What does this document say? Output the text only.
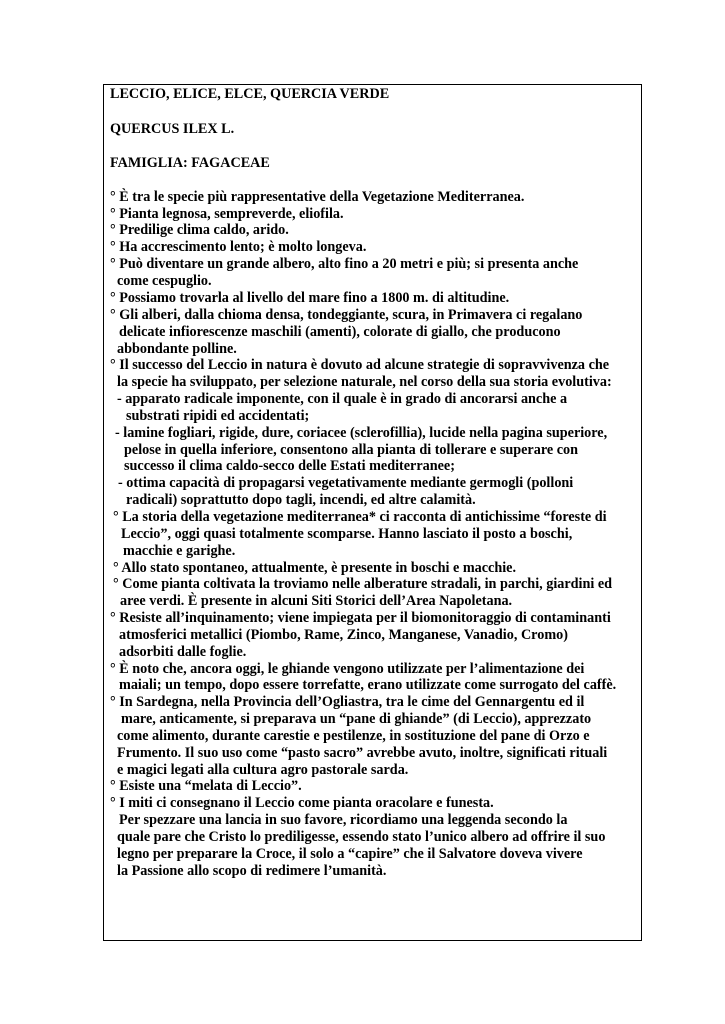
LECCIO, ELICE, ELCE, QUERCIA VERDE
QUERCUS ILEX L.
FAMIGLIA: FAGACEAE
° È tra le specie più rappresentative della Vegetazione Mediterranea.
° Pianta legnosa, sempreverde, eliofila.
° Predilige clima caldo, arido.
° Ha accrescimento lento; è molto longeva.
° Può diventare un grande albero, alto fino a 20 metri e più; si presenta anche
come cespuglio.
° Possiamo trovarla al livello del mare fino a 1800 m. di altitudine.
° Gli alberi, dalla chioma densa, tondeggiante, scura, in Primavera ci regalano
delicate infiorescenze maschili (amenti), colorate di giallo, che producono
abbondante polline.
° Il successo del Leccio in natura è dovuto ad alcune strategie di sopravvivenza che
la specie ha sviluppato, per selezione naturale, nel corso della sua storia evolutiva:
- apparato radicale imponente, con il quale è in grado di ancorarsi anche a
substrati ripidi ed accidentati;
- lamine fogliari, rigide, dure, coriacee (sclerofillia), lucide nella pagina superiore,
pelose in quella inferiore, consentono alla pianta di tollerare e superare con
successo il clima caldo-secco delle Estati mediterranee;
- ottima capacità di propagarsi vegetativamente mediante germogli (polloni
radicali) soprattutto dopo tagli, incendi, ed altre calamità.
° La storia della vegetazione mediterranea* ci racconta di antichissime “foreste di
Leccio”, oggi quasi totalmente scomparse. Hanno lasciato il posto a boschi,
macchie e garighe.
° Allo stato spontaneo, attualmente, è presente in boschi e macchie.
° Come pianta coltivata la troviamo nelle alberature stradali, in parchi, giardini ed
aree verdi. È presente in alcuni Siti Storici dell’Area Napoletana.
° Resiste all’inquinamento; viene impiegata per il biomonitoraggio di contaminanti
atmosferici metallici (Piombo, Rame, Zinco, Manganese, Vanadio, Cromo)
adsorbiti dalle foglie.
° È noto che, ancora oggi, le ghiande vengono utilizzate per l’alimentazione dei
maiali; un tempo, dopo essere torrefatte, erano utilizzate come surrogato del caffè.
° In Sardegna, nella Provincia dell’Ogliastra, tra le cime del Gennargentu ed il
mare, anticamente, si preparava un “pane di ghiande” (di Leccio), apprezzato
come alimento, durante carestie e pestilenze, in sostituzione del pane di Orzo e
Frumento. Il suo uso come “pasto sacro” avrebbe avuto, inoltre, significati rituali
e magici legati alla cultura agro pastorale sarda.
° Esiste una “melata di Leccio”.
° I miti ci consegnano il Leccio come pianta oracolare e funesta.
Per spezzare una lancia in suo favore, ricordiamo una leggenda secondo la
quale pare che Cristo lo prediligesse, essendo stato l’unico albero ad offrire il suo
legno per preparare la Croce, il solo a “capire” che il Salvatore doveva vivere
la Passione allo scopo di redimere l’umanità.
